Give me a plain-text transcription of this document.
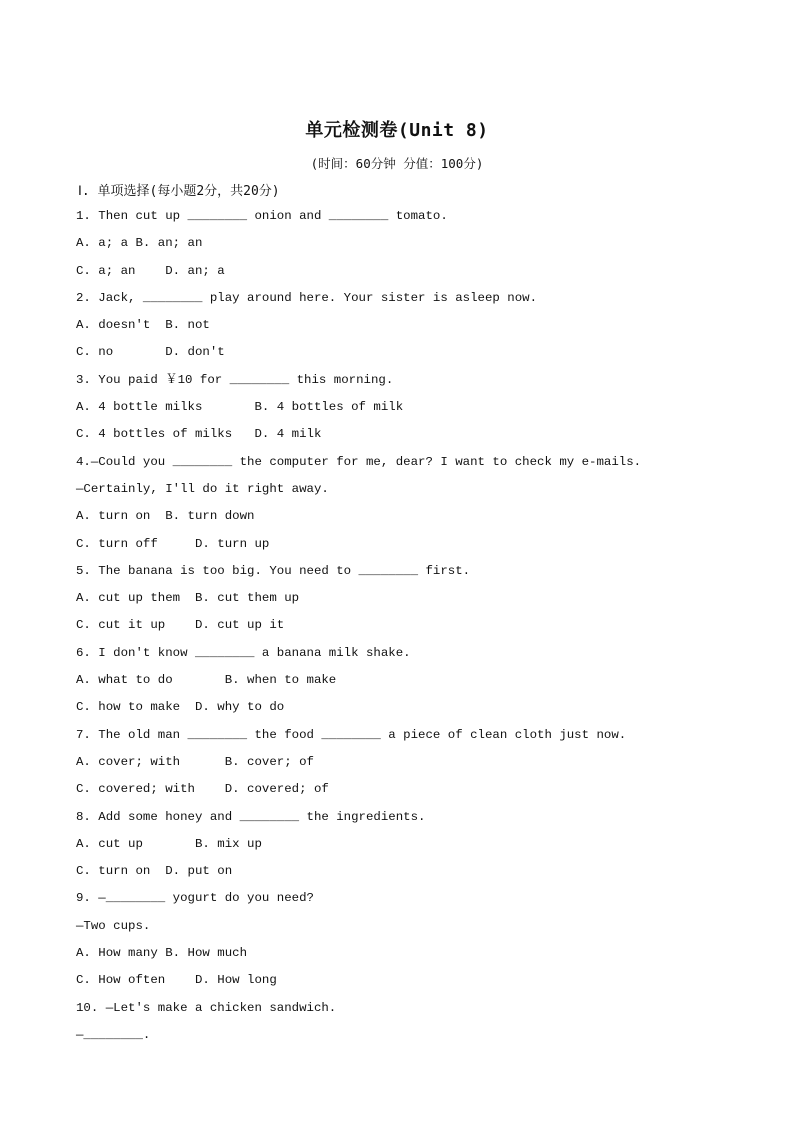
单元检测卷(Unit 8)
(时间：60分钟 分值：100分)
Ⅰ. 单项选择(每小题2分，共20分)
1. Then cut up ________ onion and ________ tomato.
A. a; a B. an; an
C. a; an    D. an; a
2. Jack, ________ play around here. Your sister is asleep now.
A. doesn't  B. not
C. no       D. don't
3. You paid ￥10 for ________ this morning.
A. 4 bottle milks       B. 4 bottles of milk
C. 4 bottles of milks   D. 4 milk
4.—Could you ________ the computer for me, dear? I want to check my e-mails.
—Certainly, I'll do it right away.
A. turn on  B. turn down
C. turn off     D. turn up
5. The banana is too big. You need to ________ first.
A. cut up them  B. cut them up
C. cut it up    D. cut up it
6. I don't know ________ a banana milk shake.
A. what to do       B. when to make
C. how to make  D. why to do
7. The old man ________ the food ________ a piece of clean cloth just now.
A. cover; with      B. cover; of
C. covered; with    D. covered; of
8. Add some honey and ________ the ingredients.
A. cut up       B. mix up
C. turn on  D. put on
9. —________ yogurt do you need?
—Two cups.
A. How many B. How much
C. How often    D. How long
10. —Let's make a chicken sandwich.
—________.
